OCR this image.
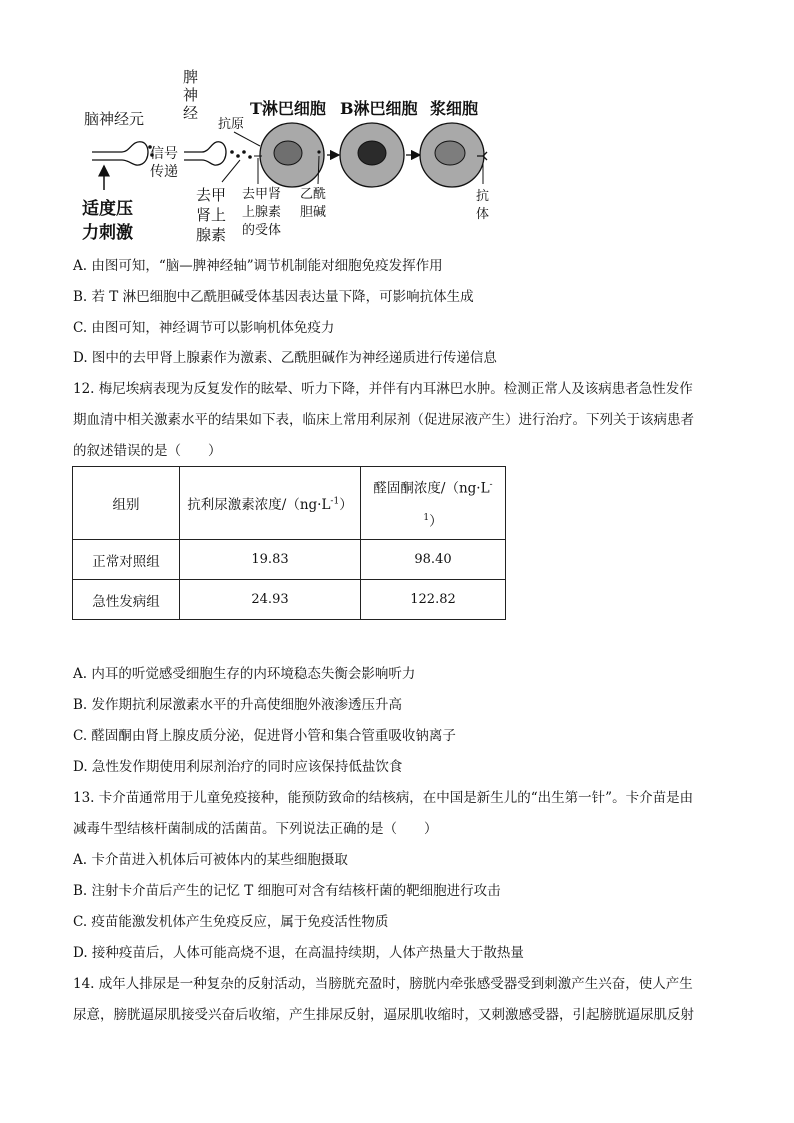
脑神经元
信号
传递
适度压
力刺激
脾
神
经
抗原
T淋巴细胞 B淋巴细胞 浆细胞
去甲
肾上
腺素
去甲肾
上腺素
的受体
乙酰
胆碱
抗
体
A. 由图可知，“脑—脾神经轴”调节机制能对细胞免疫发挥作用
B. 若 T 淋巴细胞中乙酰胆碱受体基因表达量下降，可影响抗体生成
C. 由图可知，神经调节可以影响机体免疫力
D. 图中的去甲肾上腺素作为激素、乙酰胆碱作为神经递质进行传递信息
12. 梅尼埃病表现为反复发作的眩晕、听力下降，并伴有内耳淋巴水肿。检测正常人及该病患者急性发作
期血清中相关激素水平的结果如下表，临床上常用利尿剂（促进尿液产生）进行治疗。下列关于该病患者
的叙述错误的是（　　）
组别	抗利尿激素浓度$/(ng\cdot L^{-1})$	醛固酮浓度/（ng·L-
$^1$）
正常对照组	19.83	98.40
急性发病组	24.93	122.82
A. 内耳的听觉感受细胞生存的内环境稳态失衡会影响听力
B. 发作期抗利尿激素水平的升高使细胞外液渗透压升高
C. 醛固酮由肾上腺皮质分泌，促进肾小管和集合管重吸收钠离子
D. 急性发作期使用利尿剂治疗的同时应该保持低盐饮食
13. 卡介苗通常用于儿童免疫接种，能预防致命的结核病，在中国是新生儿的“出生第一针”。卡介苗是由
减毒牛型结核杆菌制成的活菌苗。下列说法正确的是（　　）
A. 卡介苗进入机体后可被体内的某些细胞摄取
B. 注射卡介苗后产生的记忆 T 细胞可对含有结核杆菌的靶细胞进行攻击
C. 疫苗能激发机体产生免疫反应，属于免疫活性物质
D. 接种疫苗后，人体可能高烧不退，在高温持续期，人体产热量大于散热量
14. 成年人排尿是一种复杂的反射活动，当膀胱充盈时，膀胱内牵张感受器受到刺激产生兴奋，使人产生
尿意，膀胱逼尿肌接受兴奋后收缩，产生排尿反射，逼尿肌收缩时，又刺激感受器，引起膀胱逼尿肌反射
